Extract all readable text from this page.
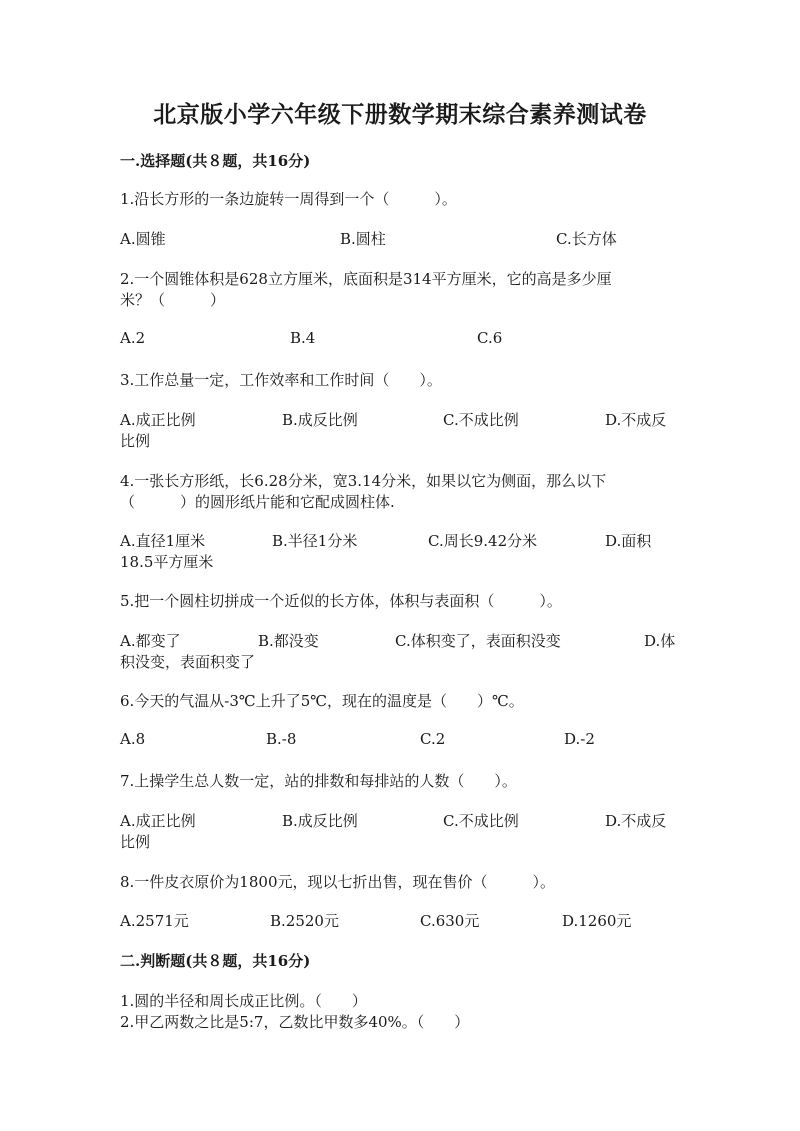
北京版小学六年级下册数学期末综合素养测试卷
一.选择题(共８题，共16分)
1.沿长方形的一条边旋转一周得到一个（　　　）。
A.圆锥	B.圆柱	C.长方体
2.一个圆锥体积是628立方厘米，底面积是314平方厘米，它的高是多少厘
米？（　　　）
A.2	B.4	C.6
3.工作总量一定，工作效率和工作时间（　　）。
A.成正比例	B.成反比例	C.不成比例	D.不成反
比例
4.一张长方形纸，长6.28分米，宽3.14分米，如果以它为侧面，那么以下
（　　　）的圆形纸片能和它配成圆柱体.
A.直径1厘米	B.半径1分米	C.周长9.42分米	D.面积
18.5平方厘米
5.把一个圆柱切拼成一个近似的长方体，体积与表面积（　　　）。
A.都变了	B.都没变	C.体积变了，表面积没变	D.体
积没变，表面积变了
6.今天的气温从-3℃上升了5℃，现在的温度是（　　）℃。
A.8	B.-8	C.2	D.-2
7.上操学生总人数一定，站的排数和每排站的人数（　　）。
A.成正比例	B.成反比例	C.不成比例	D.不成反
比例
8.一件皮衣原价为1800元，现以七折出售，现在售价（　　　）。
A.2571元	B.2520元	C.630元	D.1260元
二.判断题(共８题，共16分)
1.圆的半径和周长成正比例。（　　）
2.甲乙两数之比是5:7，乙数比甲数多40%。（　　）
